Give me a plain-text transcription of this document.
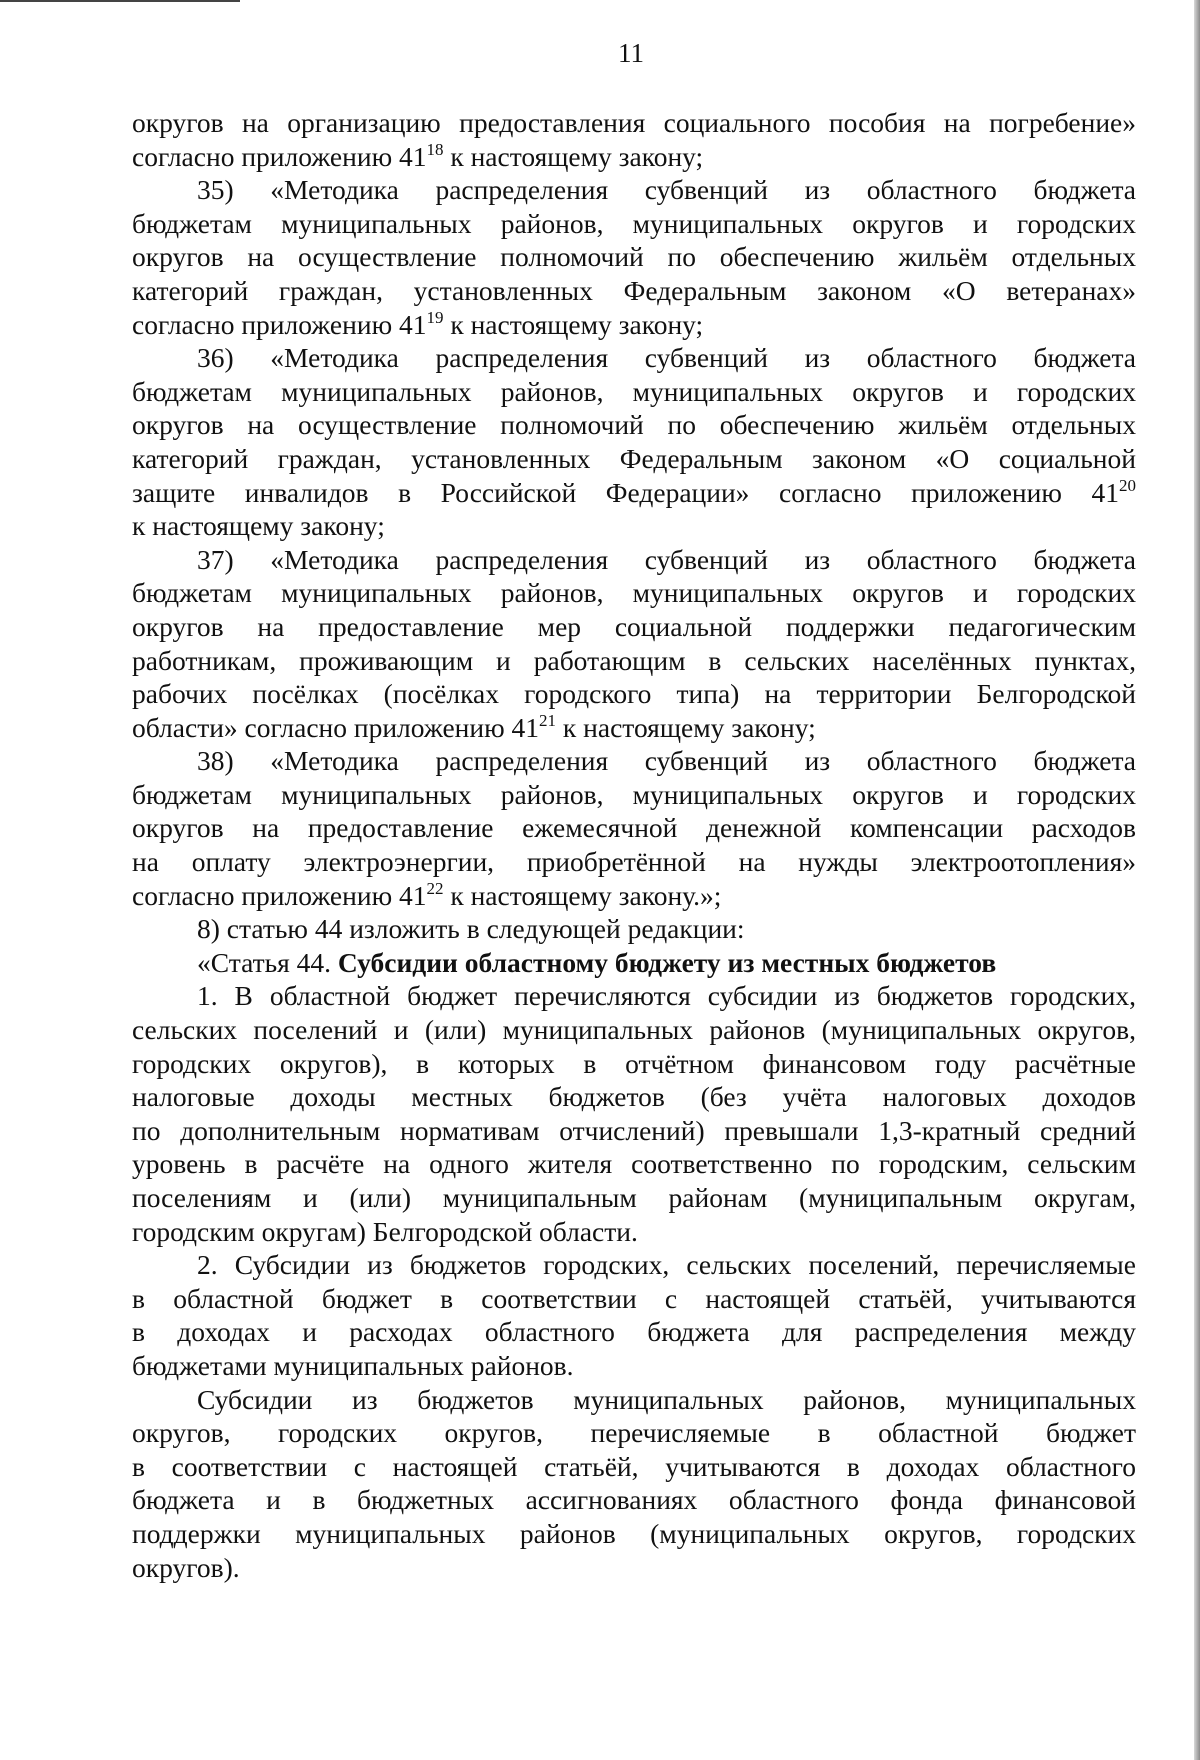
11
округов на организацию предоставления социального пособия на погребение»
согласно приложению $41^{18}$ к настоящему закону;
35) «Методика распределения субвенций из областного бюджета
бюджетам муниципальных районов, муниципальных округов и городских
округов на осуществление полномочий по обеспечению жильём отдельных
категорий граждан, установленных Федеральным законом «О ветеранах»
согласно приложению $41^{19}$ к настоящему закону;
36) «Методика распределения субвенций из областного бюджета
бюджетам муниципальных районов, муниципальных округов и городских
округов на осуществление полномочий по обеспечению жильём отдельных
категорий граждан, установленных Федеральным законом «О социальной
защите инвалидов в Российской Федерации» согласно приложению $41^{20}$
к настоящему закону;
37) «Методика распределения субвенций из областного бюджета
бюджетам муниципальных районов, муниципальных округов и городских
округов на предоставление мер социальной поддержки педагогическим
работникам, проживающим и работающим в сельских населённых пунктах,
рабочих посёлках (посёлках городского типа) на территории Белгородской
области» согласно приложению $41^{21}$ к настоящему закону;
38) «Методика распределения субвенций из областного бюджета
бюджетам муниципальных районов, муниципальных округов и городских
округов на предоставление ежемесячной денежной компенсации расходов
на оплату электроэнергии, приобретённой на нужды электроотопления»
согласно приложению $41^{22}$ к настоящему закону.»;
8) статью 44 изложить в следующей редакции:
«Статья 44. Субсидии областному бюджету из местных бюджетов
1. В областной бюджет перечисляются субсидии из бюджетов городских,
сельских поселений и (или) муниципальных районов (муниципальных округов,
городских округов), в которых в отчётном финансовом году расчётные
налоговые доходы местных бюджетов (без учёта налоговых доходов
по дополнительным нормативам отчислений) превышали 1,3-кратный средний
уровень в расчёте на одного жителя соответственно по городским, сельским
поселениям и (или) муниципальным районам (муниципальным округам,
городским округам) Белгородской области.
2. Субсидии из бюджетов городских, сельских поселений, перечисляемые
в областной бюджет в соответствии с настоящей статьёй, учитываются
в доходах и расходах областного бюджета для распределения между
бюджетами муниципальных районов.
Субсидии из бюджетов муниципальных районов, муниципальных
округов, городских округов, перечисляемые в областной бюджет
в соответствии с настоящей статьёй, учитываются в доходах областного
бюджета и в бюджетных ассигнованиях областного фонда финансовой
поддержки муниципальных районов (муниципальных округов, городских
округов).
